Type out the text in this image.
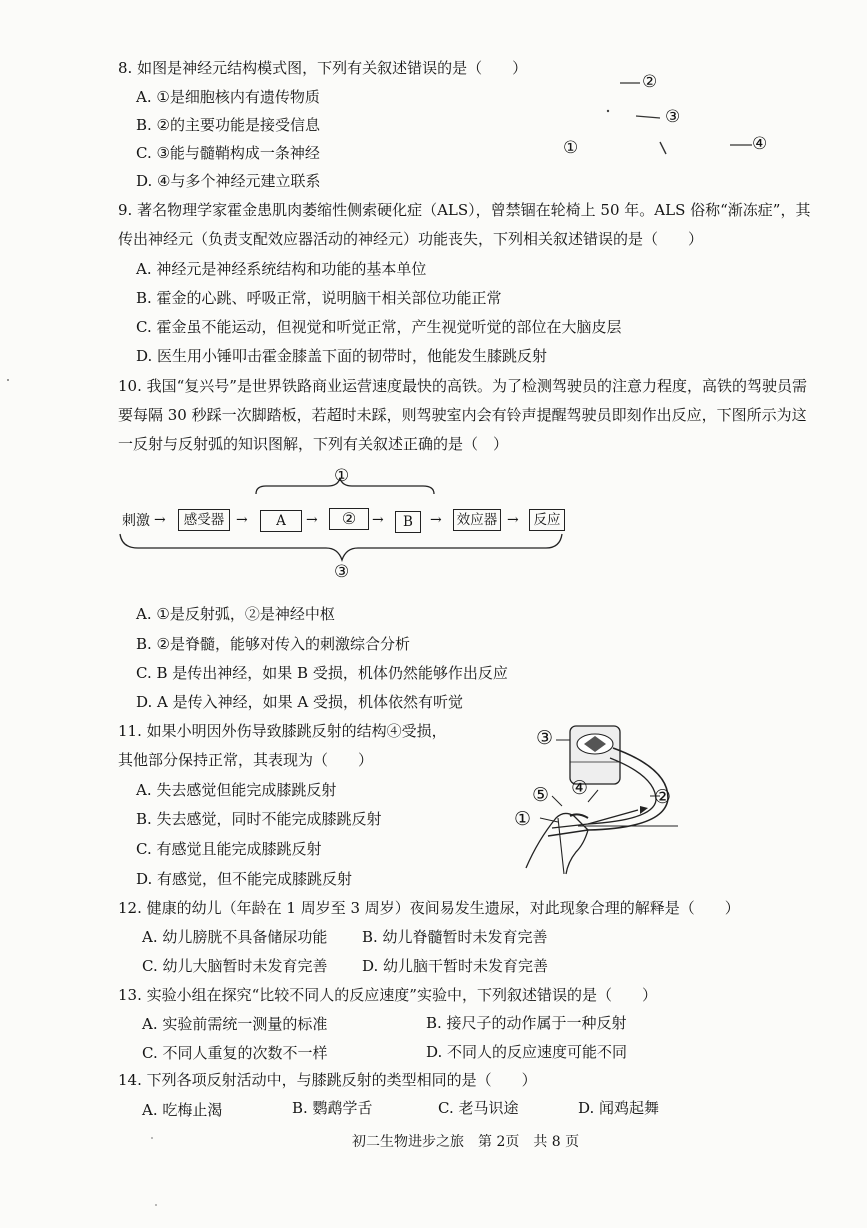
8. 如图是神经元结构模式图，下列有关叙述错误的是（　　）
A. ①是细胞核内有遗传物质
B. ②的主要功能是接受信息
C. ③能与髓鞘构成一条神经
D. ④与多个神经元建立联系
②
③
①	④
9. 著名物理学家霍金患肌肉萎缩性侧索硬化症（ALS），曾禁锢在轮椅上 50 年。ALS 俗称“渐冻症”，其
传出神经元（负责支配效应器活动的神经元）功能丧失，下列相关叙述错误的是（　　）
A. 神经元是神经系统结构和功能的基本单位
B. 霍金的心跳、呼吸正常，说明脑干相关部位功能正常
C. 霍金虽不能运动，但视觉和听觉正常，产生视觉听觉的部位在大脑皮层
D. 医生用小锤叩击霍金膝盖下面的韧带时，他能发生膝跳反射
10. 我国“复兴号”是世界铁路商业运营速度最快的高铁。为了检测驾驶员的注意力程度，高铁的驾驶员需
要每隔 30 秒踩一次脚踏板，若超时未踩，则驾驶室内会有铃声提醒驾驶员即刻作出反应，下图所示为这
一反射与反射弧的知识图解，下列有关叙述正确的是（　）
①
③
刺激 →	感受器 →	A	→	②	→	B	→ 效应器 →	反应
A. ①是反射弧，②是神经中枢
B. ②是脊髓，能够对传入的刺激综合分析
C. B 是传出神经，如果 B 受损，机体仍然能够作出反应
D. A 是传入神经，如果 A 受损，机体依然有听觉
11. 如果小明因外伤导致膝跳反射的结构④受损，
其他部分保持正常，其表现为（　　）
A. 失去感觉但能完成膝跳反射
B. 失去感觉，同时不能完成膝跳反射
C. 有感觉且能完成膝跳反射
D. 有感觉，但不能完成膝跳反射
③
⑤ ④
①
②
12. 健康的幼儿（年龄在 1 周岁至 3 周岁）夜间易发生遗尿，对此现象合理的解释是（　　）
A. 幼儿膀胱不具备储尿功能 B. 幼儿脊髓暂时未发育完善
C. 幼儿大脑暂时未发育完善 D. 幼儿脑干暂时未发育完善
13. 实验小组在探究“比较不同人的反应速度”实验中，下列叙述错误的是（　　）
A. 实验前需统一测量的标准	B. 接尺子的动作属于一种反射
C. 不同人重复的次数不一样	D. 不同人的反应速度可能不同
14. 下列各项反射活动中，与膝跳反射的类型相同的是（　　）
A. 吃梅止渴	B. 鹦鹉学舌	C. 老马识途	D. 闻鸡起舞
初二生物进步之旅　第 2页　共 8 页
